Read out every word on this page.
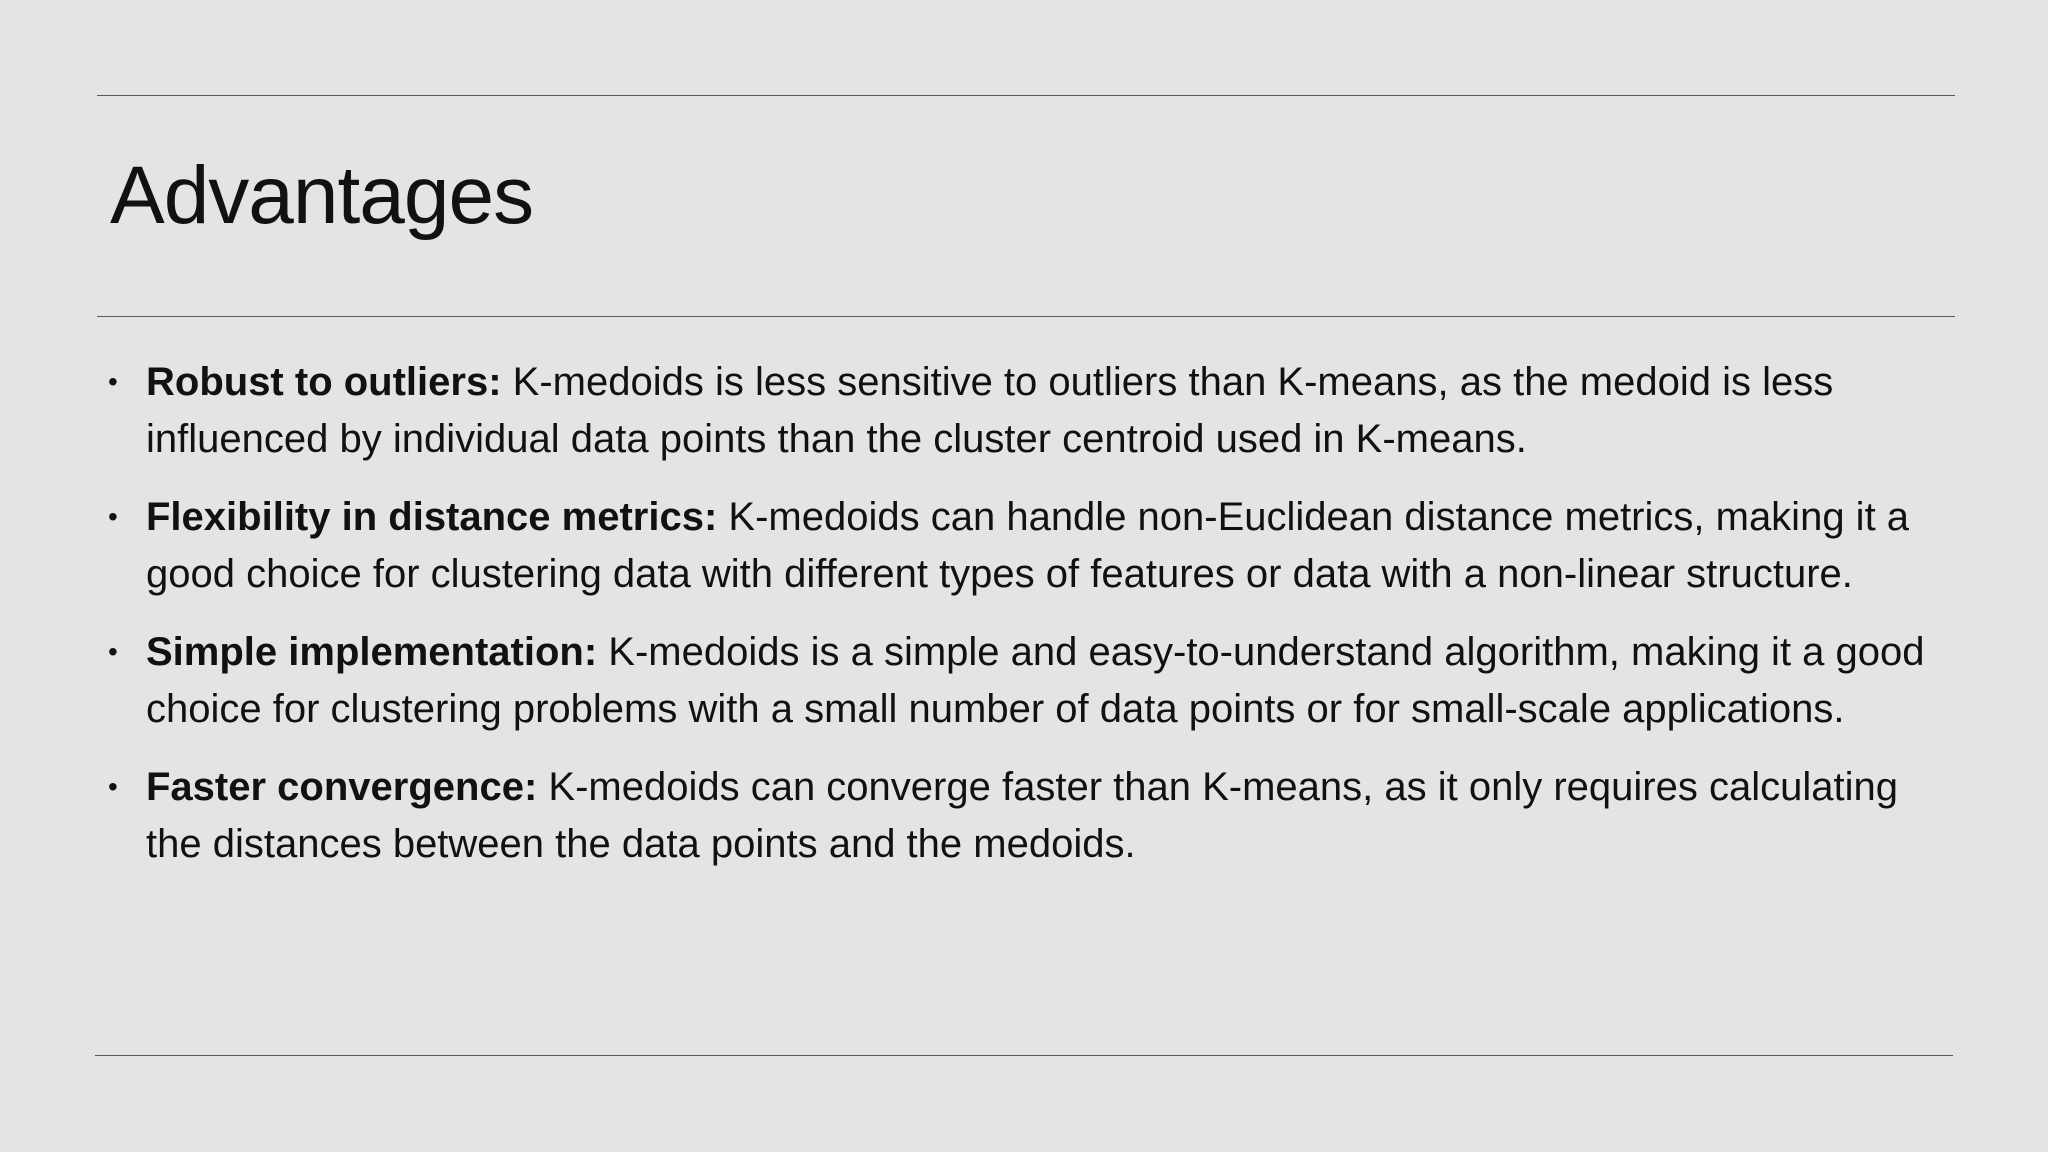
Advantages
• Robust to outliers: K-medoids is less sensitive to outliers than K-means, as the medoid is less influenced by individual data points than the cluster centroid used in K-means.
• Flexibility in distance metrics: K-medoids can handle non-Euclidean distance metrics, making it a good choice for clustering data with different types of features or data with a non-linear structure.
• Simple implementation: K-medoids is a simple and easy-to-understand algorithm, making it a good choice for clustering problems with a small number of data points or for small-scale applications.
• Faster convergence: K-medoids can converge faster than K-means, as it only requires calculating the distances between the data points and the medoids.
